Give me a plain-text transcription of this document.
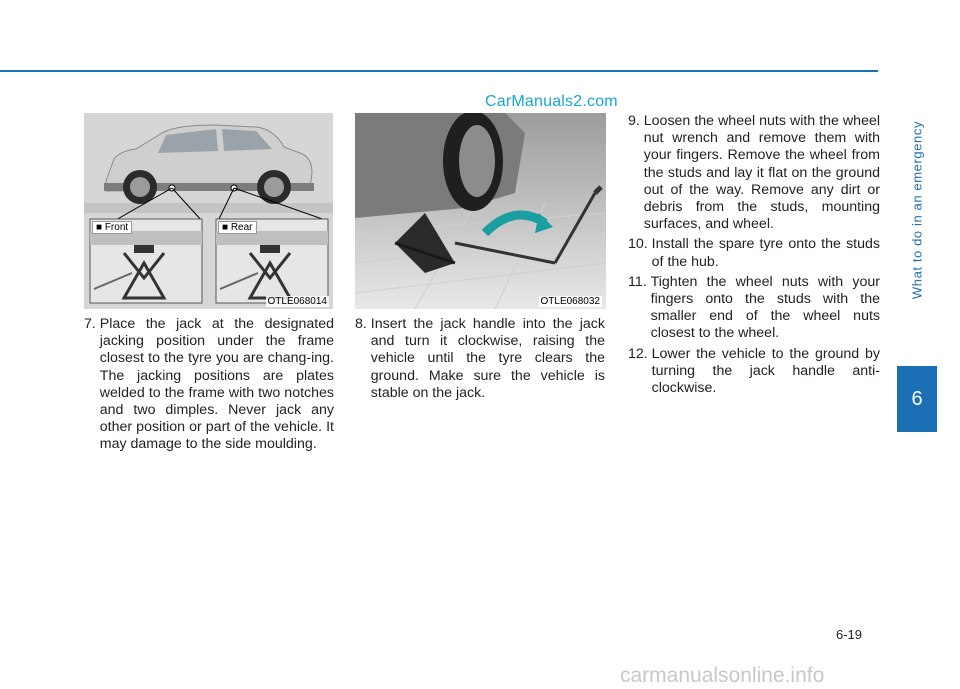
CarManuals2.com
What to do in an emergency
6
■ Front	■ Rear
OTLE068014	OTLE068032
7. Place the jack at the designated jacking position under the frame closest to the tyre you are chang-ing. The jacking positions are plates welded to the frame with two notches and two dimples. Never jack any other position or part of the vehicle. It may damage to the side moulding.
8. Insert the jack handle into the jack and turn it clockwise, raising the vehicle until the tyre clears the ground. Make sure the vehicle is stable on the jack.
9. Loosen the wheel nuts with the wheel nut wrench and remove them with your fingers. Remove the wheel from the studs and lay it flat on the ground out of the way. Remove any dirt or debris from the studs, mounting surfaces, and wheel.
10. Install the spare tyre onto the studs of the hub.
11. Tighten the wheel nuts with your fingers onto the studs with the smaller end of the wheel nuts closest to the wheel.
12. Lower the vehicle to the ground by turning the jack handle anti-clockwise.
6-19
carmanualsonline.info
